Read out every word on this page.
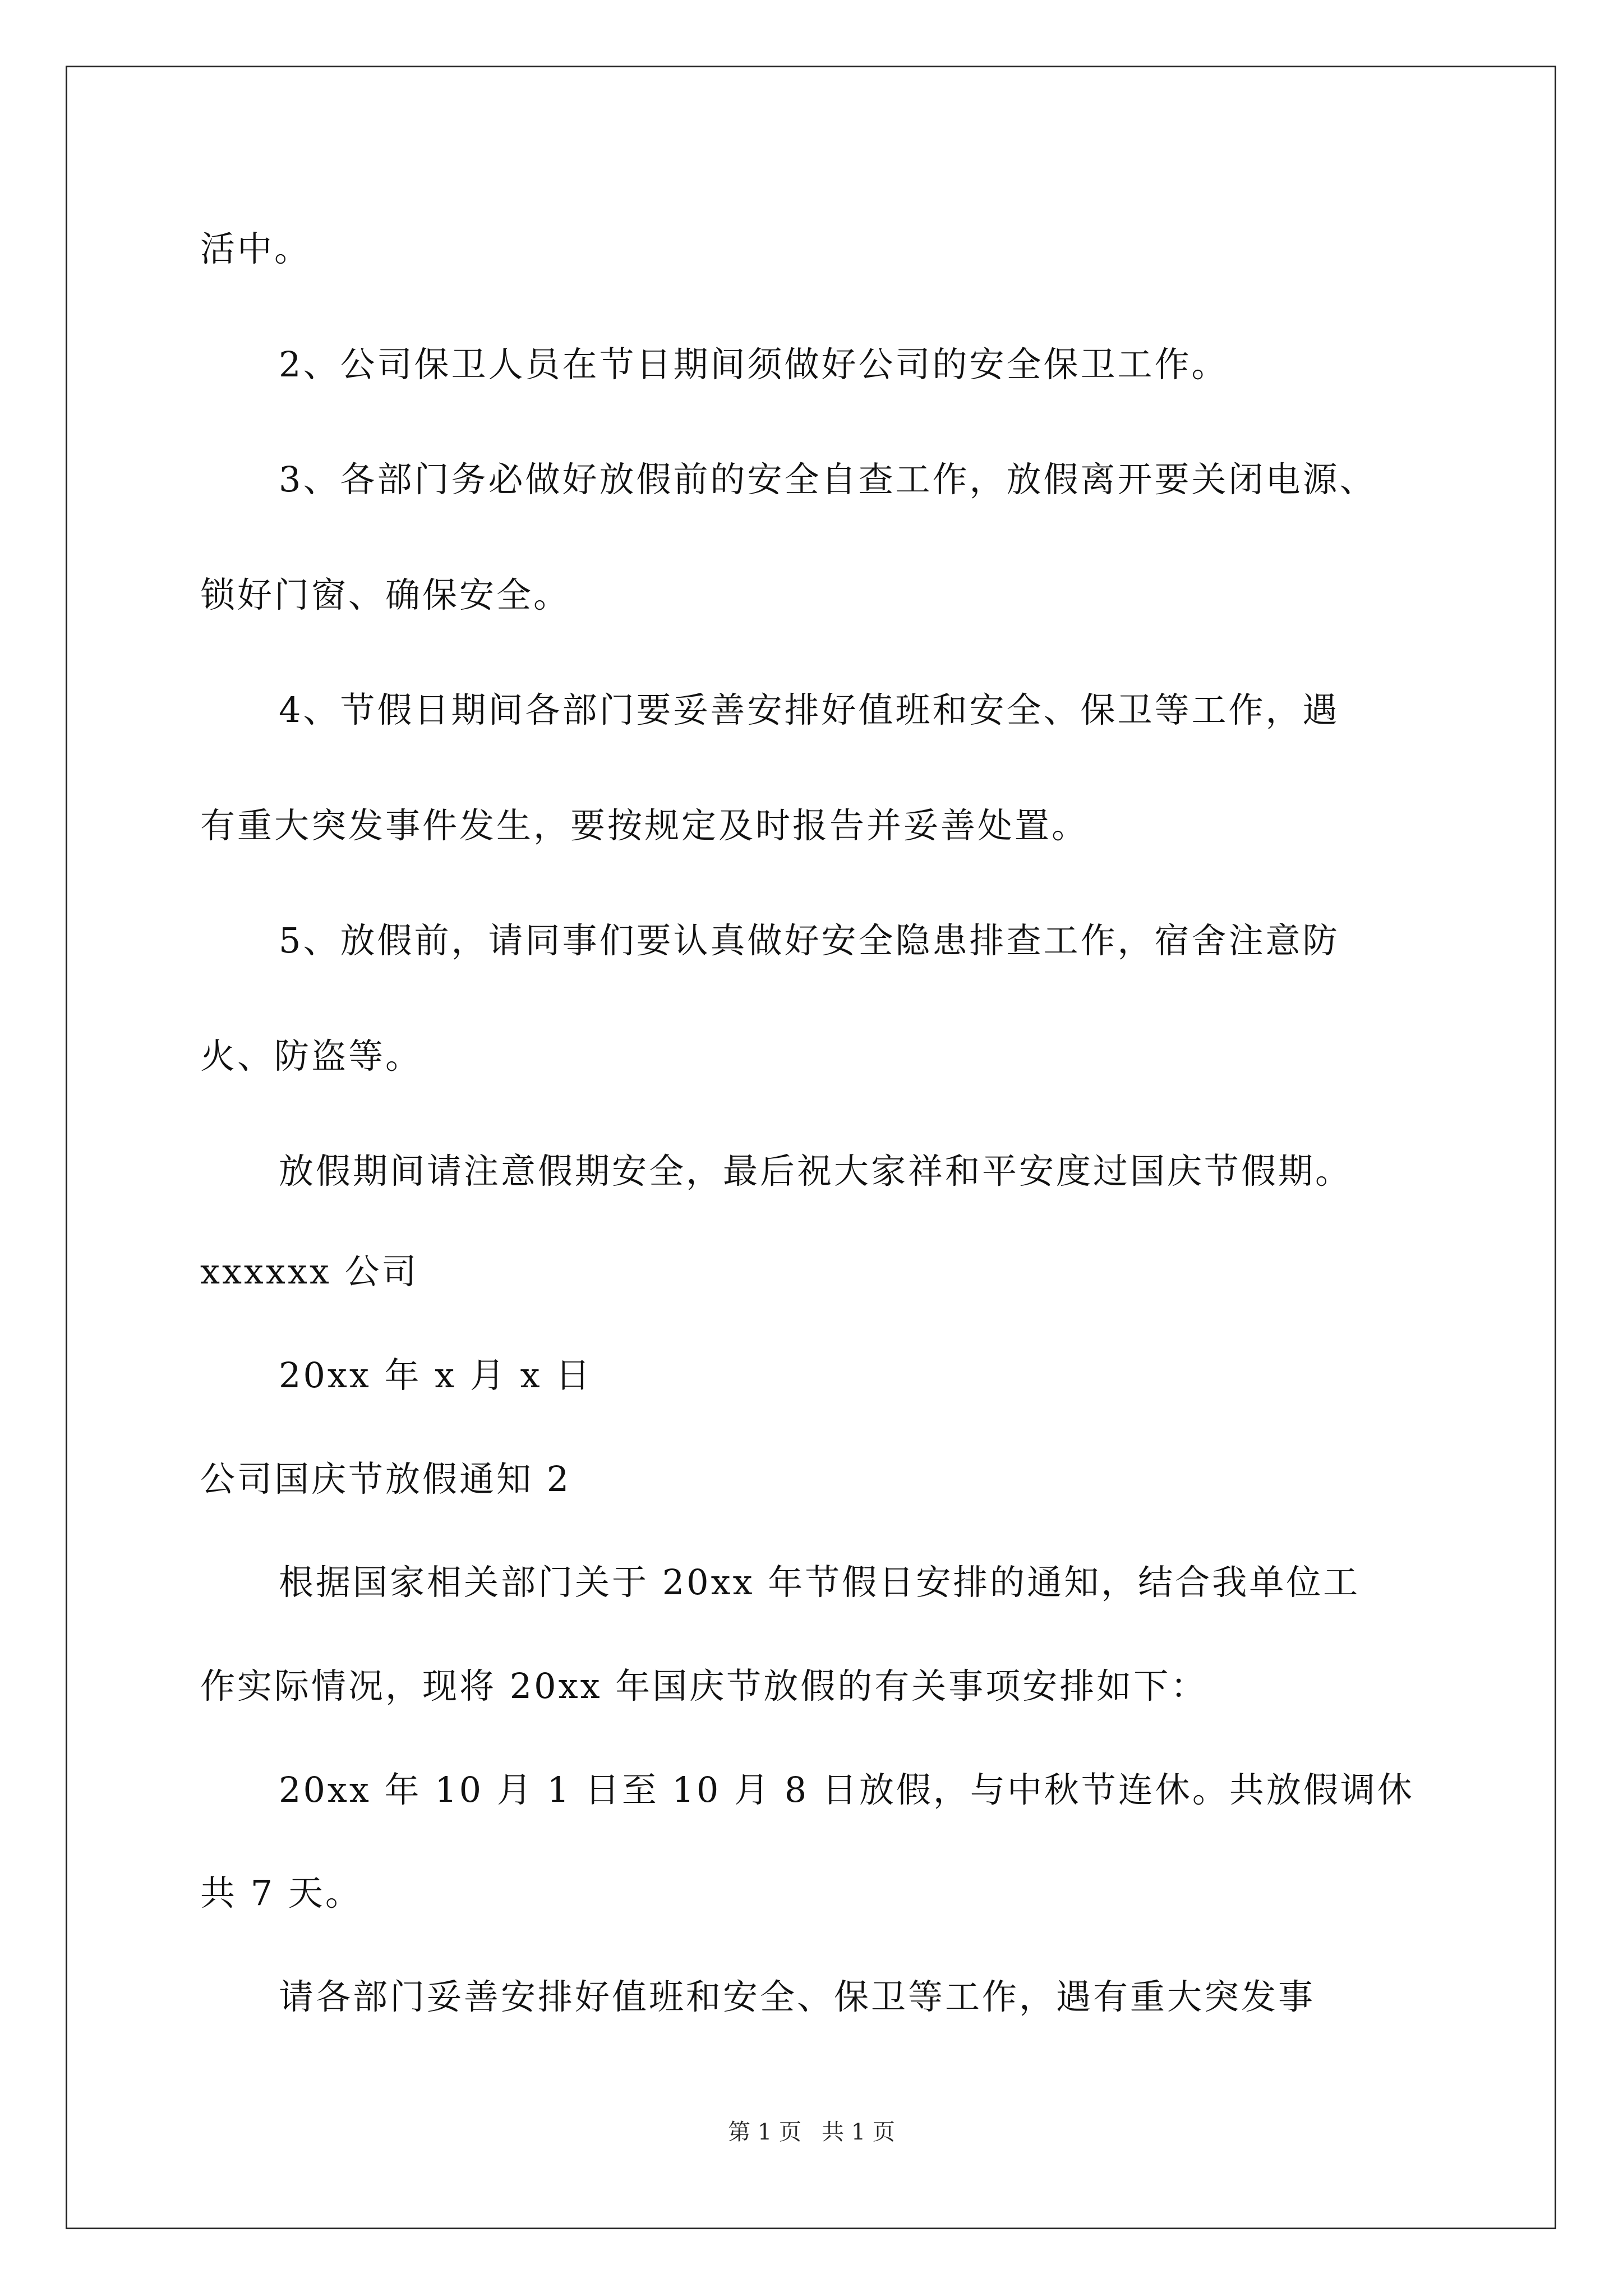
活中。
2、公司保卫人员在节日期间须做好公司的安全保卫工作。
3、各部门务必做好放假前的安全自查工作，放假离开要关闭电源、
锁好门窗、确保安全。
4、节假日期间各部门要妥善安排好值班和安全、保卫等工作，遇
有重大突发事件发生，要按规定及时报告并妥善处置。
5、放假前，请同事们要认真做好安全隐患排查工作，宿舍注意防
火、防盗等。
放假期间请注意假期安全，最后祝大家祥和平安度过国庆节假期。
xxxxxx 公司
20xx 年 x 月 x 日
公司国庆节放假通知 2
根据国家相关部门关于 20xx 年节假日安排的通知，结合我单位工
作实际情况，现将 20xx 年国庆节放假的有关事项安排如下：
20xx 年 10 月 1 日至 10 月 8 日放假，与中秋节连休。共放假调休
共 7 天。
请各部门妥善安排好值班和安全、保卫等工作，遇有重大突发事
第 1 页 共 1 页
